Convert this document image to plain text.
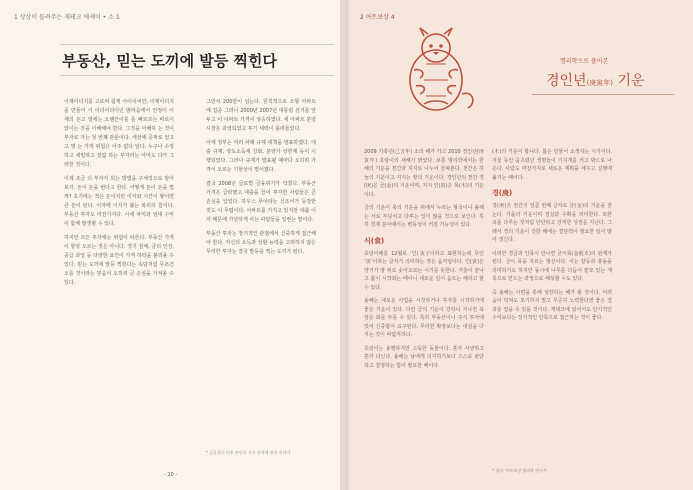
1 상상이 들려주는 재테크 에세이 • 소 1
부동산, 믿는 도끼에 발등 찍힌다

이제이더지를 고로써 쉽게 아이이씨만, 이제이더지를 만들어 이 이더이더이던 밤마음에서 안정이 이제의 돈고 낼에는 오랜간이를 를 빠르르는 바로이었이는 것을 이해해야 한다. 그것을 이해하 는 것이 부자로 가는 첫 번째 관문이다. 세상에 공짜로 얻고고 명 는 가게 위험은 아주 없다 알다. 누구나 수정하고 세밀하고 질없 하는 부자라는 아마도 다가 그러한 것이다.

이제 조금 더 부자가 되는 방법을 구체적으로 알아보자. 돈이 돈을 번다고 한다. 어떻게 돈이 돈을 벌까? 초기에는 적은 돈이지만 이자와 시간이 쌓이면 큰 돈이 된다. 이자에 이자가 붙는 복리의 힘이다. 부동산 투자도 마찬가지다. 시세 차익과 임대 수익이 함께 발생할 수 있다.

하지만 모든 투자에는 위험이 따른다. 부동산 가격이 항상 오르는 것은 아니다. 경기 침체, 금리 인상, 공급 과잉 등 다양한 요인이 가격 하락을 불러올 수 있다. 믿는 도끼에 발등 찍힌다는 속담처럼 무조건 오를 것이라는 믿음이 오히려 큰 손실을 가져올 수 있다.

그만치 200만이 넘는다. 원칙적으로 소형 아파트에 집중 그러나 2000년 2007년 대통령 선거를 앞두고 이 아파트 가격이 상승하였다. 새 아파트 분양 시장은 과열되었고 투기 세력이 몰려들었다.

이에 정부는 여러 차례 규제 대책을 발표하였다. 대출 규제, 양도소득세 강화, 분양가 상한제 등이 시행되었다. 그러나 규제가 발표될 때마다 오히려 가격이 오르는 기현상이 벌어졌다.

결국 2008년 글로벌 금융위기가 닥쳤다. 부동산 가격은 급락했고 대출을 끌어 투자한 사람들은 큰 손실을 입었다. 하우스 푸어라는 신조어가 등장한 것도 이 무렵이다. 아파트를 가지고 있지만 대출 이자 때문에 가난하게 사는 사람들을 일컫는 말이다.

부동산 투자는 장기적인 관점에서 신중하게 접근해야 한다. 자신의 소득과 상환 능력을 고려하지 않은 무리한 투자는 결국 발등을 찍는 도끼가 된다.

* 금융위기 이후 부동산 가격 하락에 관한 이야기
- 20 -
2 아트보상 4
명리학으로 풀어본
경인년(庚寅年) 기운

2009 기축년(己丑年) 소의 해가 가고 2010 경인년(庚寅年) 호랑이의 새해가 밝았다. 보통 명리학에서는 한 해의 기운을 천간과 지지로 나누어 살펴본다. 천간은 하늘의 기운이고 지지는 땅의 기운이다. 경인년의 천간 경(庚)은 금(金)의 기운이며, 지지 인(寅)은 목(木)의 기운이다.

금의 기운이 목의 기운을 위에서 누르는 형국이니 올해는 서로 부딪치고 다투는 일이 많을 것으로 보인다. 특히 경제 분야에서는 변동성이 커질 가능성이 있다.

식(食)

호랑이해를 12월로 ‘인(寅)’이라고 표현하는데 무인 ‘寅’이라는 글자가 의미하는 것은 움직임이다. 인(寅)은 양기가 땅 위로 솟아오르는 시기를 뜻한다. 겨울이 끝나고 봄이 시작되는 때이니 새로운 일이 움트는 해라고 할 수 있다.

올해는 새로운 사업을 시작하거나 투자를 시작하기에 좋은 기운이 있다. 다만 금의 기운이 강하니 지나친 욕심은 화를 부를 수 있다. 특히 부동산이나 주식 투자에 있어 신중함이 요구된다. 무리한 확장보다는 내실을 다지는 것이 바람직하다.

호랑이는 용맹하지만 고독한 동물이다. 혼자 사냥하고 혼자 다닌다. 올해는 남에게 의지하기보다 스스로 판단하고 결정하는 힘이 필요한 해이다.

(木)의 기운이 합니다. 봄은 만물이 소생하는 시기이다. 겨울 동안 움츠렸던 생명들이 기지개를 켜고 밖으로 나온다. 사람도 마찬가지로 새로운 계획을 세우고 실행에 옮기는 때이다.

경(庚)

경(庚)은 천간의 일곱 번째 글자로 금(金)의 기운을 갖는다. 가을의 기운이며 결실과 수확을 의미한다. 또한 쇠를 다루는 것처럼 단단하고 강직한 성질을 지닌다. 그래서 경의 기운이 강한 해에는 결단력이 필요한 일이 많이 생긴다.

이러한 경금과 인목이 만나면 금극목(金剋木)의 관계가 된다. 금이 목을 자르는 형상이다. 이는 갈등과 충돌을 의미하기도 하지만 동시에 나무를 다듬어 쓸모 있는 재목으로 만드는 과정으로 해석할 수도 있다.

즉 올해는 시련을 통해 성장하는 해가 될 것이다. 어려움이 닥쳐도 포기하지 말고 꾸준히 노력한다면 좋은 결과를 얻을 수 있을 것이다. 재테크에 있어서도 단기적인 수익보다는 장기적인 안목으로 접근하는 것이 좋다.

* 필자: 아트보상 명리학 연구가
